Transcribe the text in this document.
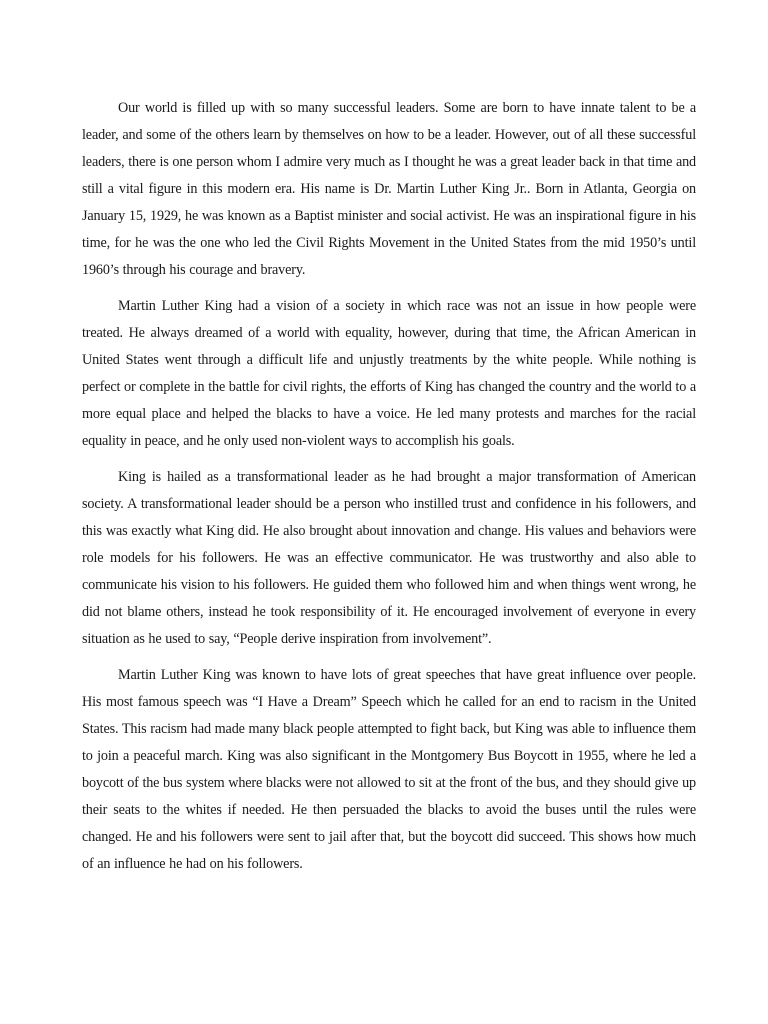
Our world is filled up with so many successful leaders. Some are born to have innate talent to be a leader, and some of the others learn by themselves on how to be a leader. However, out of all these successful leaders, there is one person whom I admire very much as I thought he was a great leader back in that time and still a vital figure in this modern era. His name is Dr. Martin Luther King Jr.. Born in Atlanta, Georgia on January 15, 1929, he was known as a Baptist minister and social activist. He was an inspirational figure in his time, for he was the one who led the Civil Rights Movement in the United States from the mid 1950’s until 1960’s through his courage and bravery.

Martin Luther King had a vision of a society in which race was not an issue in how people were treated. He always dreamed of a world with equality, however, during that time, the African American in United States went through a difficult life and unjustly treatments by the white people. While nothing is perfect or complete in the battle for civil rights, the efforts of King has changed the country and the world to a more equal place and helped the blacks to have a voice. He led many protests and marches for the racial equality in peace, and he only used non-violent ways to accomplish his goals.

King is hailed as a transformational leader as he had brought a major transformation of American society. A transformational leader should be a person who instilled trust and confidence in his followers, and this was exactly what King did. He also brought about innovation and change. His values and behaviors were role models for his followers. He was an effective communicator. He was trustworthy and also able to communicate his vision to his followers. He guided them who followed him and when things went wrong, he did not blame others, instead he took responsibility of it. He encouraged involvement of everyone in every situation as he used to say, “People derive inspiration from involvement”.

Martin Luther King was known to have lots of great speeches that have great influence over people. His most famous speech was “I Have a Dream” Speech which he called for an end to racism in the United States. This racism had made many black people attempted to fight back, but King was able to influence them to join a peaceful march. King was also significant in the Montgomery Bus Boycott in 1955, where he led a boycott of the bus system where blacks were not allowed to sit at the front of the bus, and they should give up their seats to the whites if needed. He then persuaded the blacks to avoid the buses until the rules were changed. He and his followers were sent to jail after that, but the boycott did succeed. This shows how much of an influence he had on his followers.
